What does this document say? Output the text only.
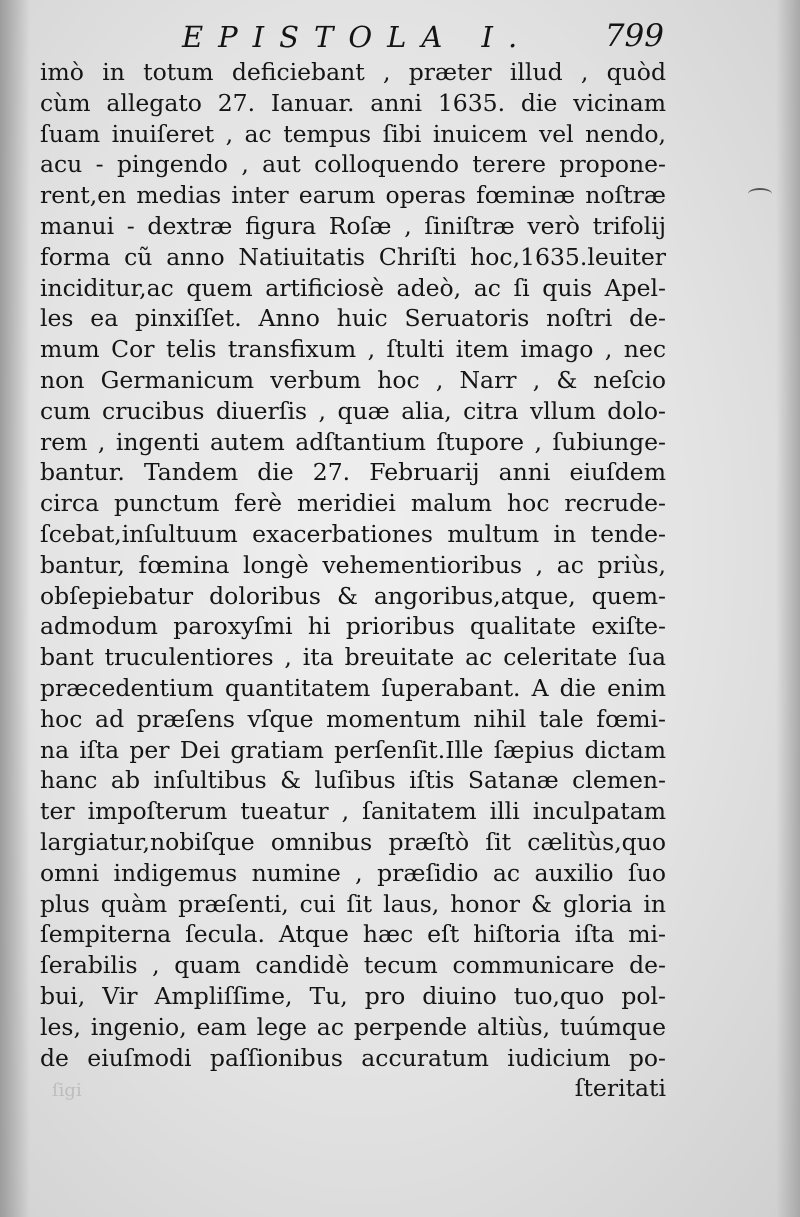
EPISTOLA I. 799
imò in totum deficiebant , præter illud , quòd
cùm allegato 27. Ianuar. anni 1635. die vicinam
ſuam inuiſeret , ac tempus ſibi inuicem vel nendo,
acu - pingendo , aut colloquendo terere propone-
rent,en medias inter earum operas fœminæ noſtræ
manui - dextræ figura Roſæ , ſiniſtræ verò trifolij
forma cũ anno Natiuitatis Chriſti hoc,1635.leuiter
inciditur,ac quem artificiosè adeò, ac ſi quis Apel-
les ea pinxiſſet. Anno huic Seruatoris noſtri de-
mum Cor telis transfixum , ſtulti item imago , nec
non Germanicum verbum hoc , Narr , & neſcio
cum crucibus diuerſis , quæ alia, citra vllum dolo-
rem , ingenti autem adſtantium ſtupore , ſubiunge-
bantur. Tandem die 27. Februarij anni eiuſdem
circa punctum ferè meridiei malum hoc recrude-
ſcebat,inſultuum exacerbationes multum in tende-
bantur, fœmina longè vehementioribus , ac priùs,
obſepiebatur doloribus & angoribus,atque, quem-
admodum paroxyſmi hi prioribus qualitate exiſte-
bant truculentiores , ita breuitate ac celeritate ſua
præcedentium quantitatem ſuperabant. A die enim
hoc ad præſens vſque momentum nihil tale fœmi-
na iſta per Dei gratiam perſenſit.Ille ſæpius dictam
hanc ab inſultibus & luſibus iſtis Satanæ clemen-
ter impoſterum tueatur , ſanitatem illi inculpatam
largiatur,nobiſque omnibus præſtò ſit cælitùs,quo
omni indigemus numine , præſidio ac auxilio ſuo
plus quàm præſenti, cui ſit laus, honor & gloria in
ſempiterna ſecula. Atque hæc eſt hiſtoria iſta mi-
ſerabilis , quam candidè tecum communicare de-
bui, Vir Ampliſſime, Tu, pro diuino tuo,quo pol-
les, ingenio, eam lege ac perpende altiùs, tuúmque
de eiuſmodi paſſionibus accuratum iudicium po-
ſteritati
ſigi
